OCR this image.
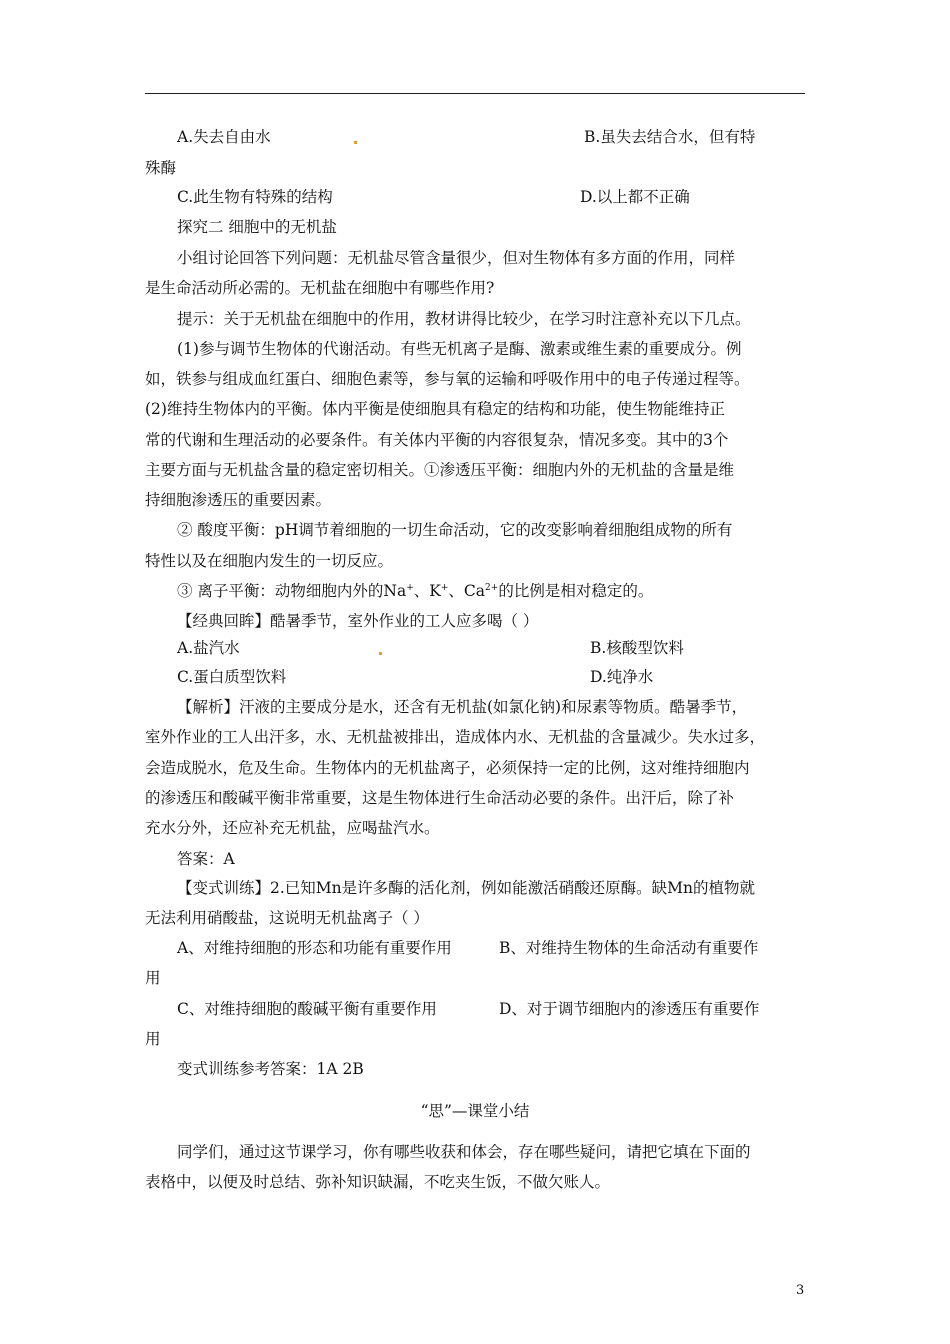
A.失去自由水	B.虽失去结合水，但有特
殊酶
C.此生物有特殊的结构	D.以上都不正确
探究二 细胞中的无机盐
小组讨论回答下列问题：无机盐尽管含量很少，但对生物体有多方面的作用，同样
是生命活动所必需的。无机盐在细胞中有哪些作用?
提示：关于无机盐在细胞中的作用，教材讲得比较少，在学习时注意补充以下几点。
(1)参与调节生物体的代谢活动。有些无机离子是酶、激素或维生素的重要成分。例
如，铁参与组成血红蛋白、细胞色素等，参与氧的运输和呼吸作用中的电子传递过程等。
(2)维持生物体内的平衡。体内平衡是使细胞具有稳定的结构和功能，使生物能维持正
常的代谢和生理活动的必要条件。有关体内平衡的内容很复杂，情况多变。其中的3个
主要方面与无机盐含量的稳定密切相关。①渗透压平衡：细胞内外的无机盐的含量是维
持细胞渗透压的重要因素。
② 酸度平衡：pH调节着细胞的一切生命活动，它的改变影响着细胞组成物的所有
特性以及在细胞内发生的一切反应。
③ 离子平衡：动物细胞内外的Na+、K+、$Ca^{2+}$的比例是相对稳定的。
【经典回眸】酷暑季节，室外作业的工人应多喝（ ）
A.盐汽水	B.核酸型饮料
C.蛋白质型饮料	D.纯净水
【解析】汗液的主要成分是水，还含有无机盐(如氯化钠)和尿素等物质。酷暑季节，
室外作业的工人出汗多，水、无机盐被排出，造成体内水、无机盐的含量减少。失水过多，
会造成脱水，危及生命。生物体内的无机盐离子，必须保持一定的比例，这对维持细胞内
的渗透压和酸碱平衡非常重要，这是生物体进行生命活动必要的条件。出汗后，除了补
充水分外，还应补充无机盐，应喝盐汽水。
答案：A
【变式训练】2.已知Mn是许多酶的活化剂，例如能激活硝酸还原酶。缺Mn的植物就
无法利用硝酸盐，这说明无机盐离子（ ）
A、对维持细胞的形态和功能有重要作用	B、对维持生物体的生命活动有重要作
用
C、对维持细胞的酸碱平衡有重要作用	D、对于调节细胞内的渗透压有重要作
用
变式训练参考答案：1A 2B
“思”—课堂小结
同学们，通过这节课学习，你有哪些收获和体会，存在哪些疑问，请把它填在下面的
表格中，以便及时总结、弥补知识缺漏，不吃夹生饭，不做欠账人。
3
